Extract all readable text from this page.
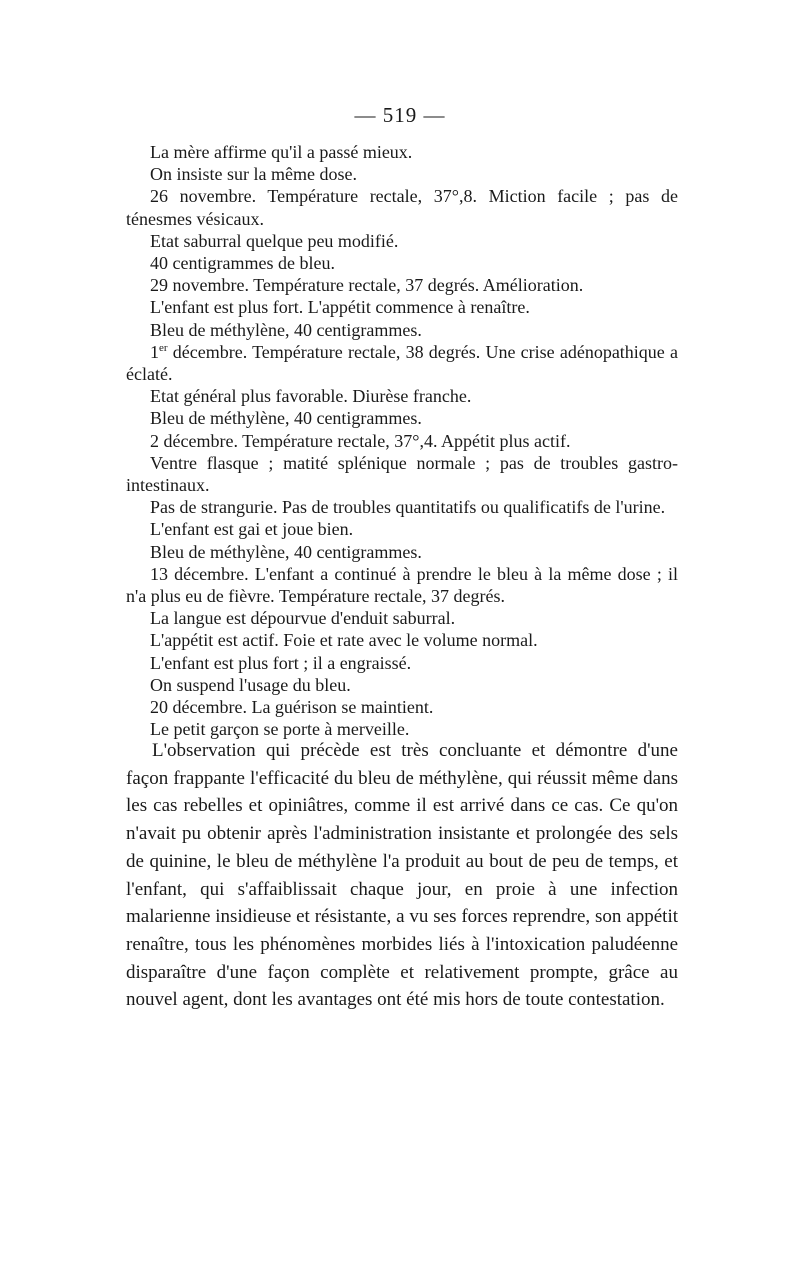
— 519 —

La mère affirme qu'il a passé mieux.

On insiste sur la même dose.

26 novembre. Température rectale, 37°,8. Miction facile ; pas de ténesmes vésicaux.

Etat saburral quelque peu modifié.

40 centigrammes de bleu.

29 novembre. Température rectale, 37 degrés. Amélioration.

L'enfant est plus fort. L'appétit commence à renaître.

Bleu de méthylène, 40 centigrammes.

1er décembre. Température rectale, 38 degrés. Une crise adénopathique a éclaté.

Etat général plus favorable. Diurèse franche.

Bleu de méthylène, 40 centigrammes.

2 décembre. Température rectale, 37°,4. Appétit plus actif.

Ventre flasque ; matité splénique normale ; pas de troubles gastro-intestinaux.

Pas de strangurie. Pas de troubles quantitatifs ou qualificatifs de l'urine.

L'enfant est gai et joue bien.

Bleu de méthylène, 40 centigrammes.

13 décembre. L'enfant a continué à prendre le bleu à la même dose ; il n'a plus eu de fièvre. Température rectale, 37 degrés.

La langue est dépourvue d'enduit saburral.

L'appétit est actif. Foie et rate avec le volume normal.

L'enfant est plus fort ; il a engraissé.

On suspend l'usage du bleu.

20 décembre. La guérison se maintient.

Le petit garçon se porte à merveille.

L'observation qui précède est très concluante et démontre d'une façon frappante l'efficacité du bleu de méthylène, qui réussit même dans les cas rebelles et opiniâtres, comme il est arrivé dans ce cas. Ce qu'on n'avait pu obtenir après l'administration insistante et prolongée des sels de quinine, le bleu de méthylène l'a produit au bout de peu de temps, et l'enfant, qui s'affaiblissait chaque jour, en proie à une infection malarienne insidieuse et résistante, a vu ses forces reprendre, son appétit renaître, tous les phénomènes morbides liés à l'intoxication paludéenne disparaître d'une façon complète et relativement prompte, grâce au nouvel agent, dont les avantages ont été mis hors de toute contestation.
